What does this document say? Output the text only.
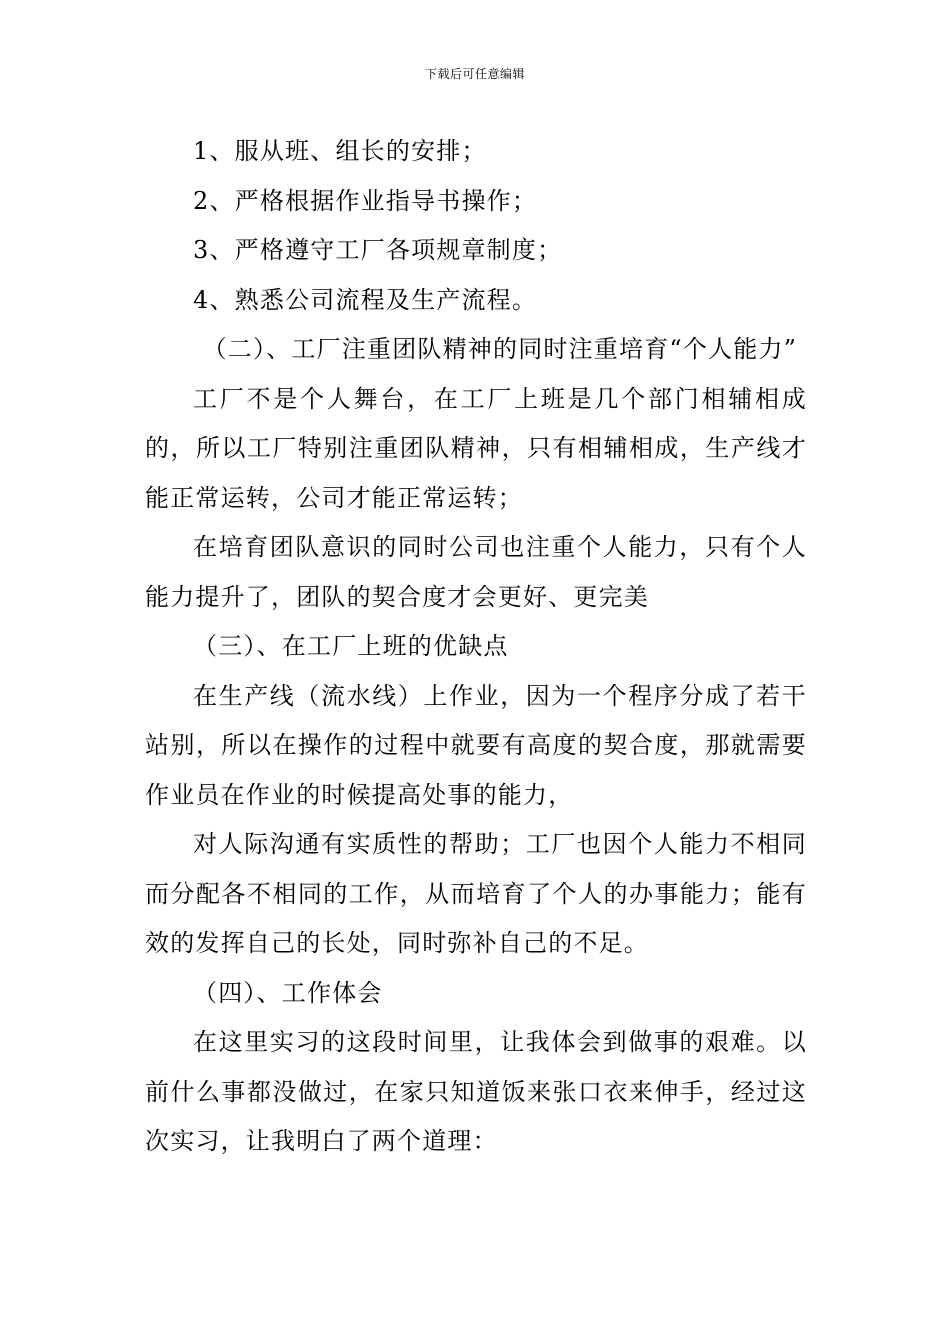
下载后可任意编辑

1、服从班、组长的安排；

2、严格根据作业指导书操作；

3、严格遵守工厂各项规章制度；

4、熟悉公司流程及生产流程。

（二）、工厂注重团队精神的同时注重培育“个人能力”

工厂不是个人舞台，在工厂上班是几个部门相辅相成的，所以工厂特别注重团队精神，只有相辅相成，生产线才能正常运转，公司才能正常运转；

在培育团队意识的同时公司也注重个人能力，只有个人能力提升了，团队的契合度才会更好、更完美

（三）、在工厂上班的优缺点

在生产线（流水线）上作业，因为一个程序分成了若干站别，所以在操作的过程中就要有高度的契合度，那就需要作业员在作业的时候提高处事的能力，

对人际沟通有实质性的帮助；工厂也因个人能力不相同而分配各不相同的工作，从而培育了个人的办事能力；能有效的发挥自己的长处，同时弥补自己的不足。

（四）、工作体会

在这里实习的这段时间里，让我体会到做事的艰难。以前什么事都没做过，在家只知道饭来张口衣来伸手，经过这次实习，让我明白了两个道理：
